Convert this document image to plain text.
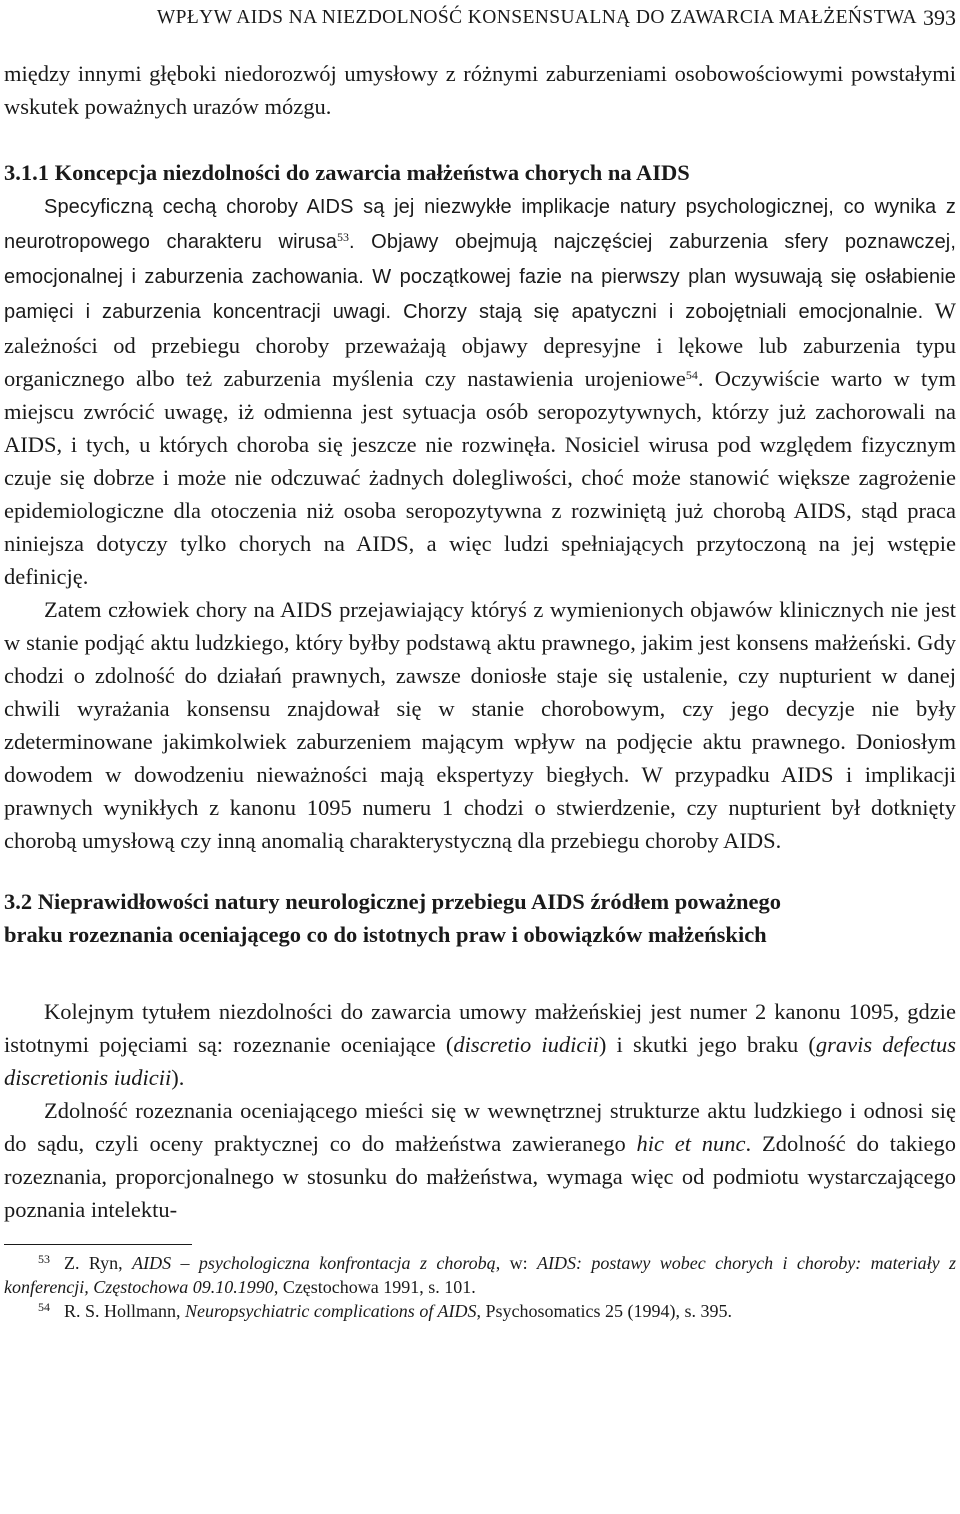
WPŁYW AIDS NA NIEZDOLNOŚĆ KONSENSUALNĄ DO ZAWARCIA MAŁŻEŃSTWA 393

między innymi głęboki niedorozwój umysłowy z różnymi zaburzeniami osobowościowymi powstałymi wskutek poważnych urazów mózgu.

3.1.1 Koncepcja niezdolności do zawarcia małżeństwa chorych na AIDS

Specyficzną cechą choroby AIDS są jej niezwykłe implikacje natury psychologicznej, co wynika z neurotropowego charakteru wirusa$^{53}$. Objawy obejmują najczęściej zaburzenia sfery poznawczej, emocjonalnej i zaburzenia zachowania. W początkowej fazie na pierwszy plan wysuwają się osłabienie pamięci i zaburzenia koncentracji uwagi. Chorzy stają się apatyczni i zobojętniali emocjonalnie. W zależności od przebiegu choroby przeważają objawy depresyjne i lękowe lub zaburzenia typu organicznego albo też zaburzenia myślenia czy nastawienia urojeniowe$^{54}$. Oczywiście warto w tym miejscu zwrócić uwagę, iż odmienna jest sytuacja osób seropozytywnych, którzy już zachorowali na AIDS, i tych, u których choroba się jeszcze nie rozwinęła. Nosiciel wirusa pod względem fizycznym czuje się dobrze i może nie odczuwać żadnych dolegliwości, choć może stanowić większe zagrożenie epidemiologiczne dla otoczenia niż osoba seropozytywna z rozwiniętą już chorobą AIDS, stąd praca niniejsza dotyczy tylko chorych na AIDS, a więc ludzi spełniających przytoczoną na jej wstępie definicję.

Zatem człowiek chory na AIDS przejawiający któryś z wymienionych objawów klinicznych nie jest w stanie podjąć aktu ludzkiego, który byłby podstawą aktu prawnego, jakim jest konsens małżeński. Gdy chodzi o zdolność do działań prawnych, zawsze doniosłe staje się ustalenie, czy nupturient w danej chwili wyrażania konsensu znajdował się w stanie chorobowym, czy jego decyzje nie były zdeterminowane jakimkolwiek zaburzeniem mającym wpływ na podjęcie aktu prawnego. Doniosłym dowodem w dowodzeniu nieważności mają ekspertyzy biegłych. W przypadku AIDS i implikacji prawnych wynikłych z kanonu 1095 numeru 1 chodzi o stwierdzenie, czy nupturient był dotknięty chorobą umysłową czy inną anomalią charakterystyczną dla przebiegu choroby AIDS.

3.2 Nieprawidłowości natury neurologicznej przebiegu AIDS źródłem poważnego braku rozeznania oceniającego co do istotnych praw i obowiązków małżeńskich

Kolejnym tytułem niezdolności do zawarcia umowy małżeńskiej jest numer 2 kanonu 1095, gdzie istotnymi pojęciami są: rozeznanie oceniające (discretio iudicii) i skutki jego braku (gravis defectus discretionis iudicii).

Zdolność rozeznania oceniającego mieści się w wewnętrznej strukturze aktu ludzkiego i odnosi się do sądu, czyli oceny praktycznej co do małżeństwa zawieranego hic et nunc. Zdolność do takiego rozeznania, proporcjonalnego w stosunku do małżeństwa, wymaga więc od podmiotu wystarczającego poznania intelektu-

53 Z. Ryn, AIDS – psychologiczna konfrontacja z chorobą, w: AIDS: postawy wobec chorych i choroby: materiały z konferencji, Częstochowa 09.10.1990, Częstochowa 1991, s. 101.

54 R. S. Hollmann, Neuropsychiatric complications of AIDS, Psychosomatics 25 (1994), s. 395.
